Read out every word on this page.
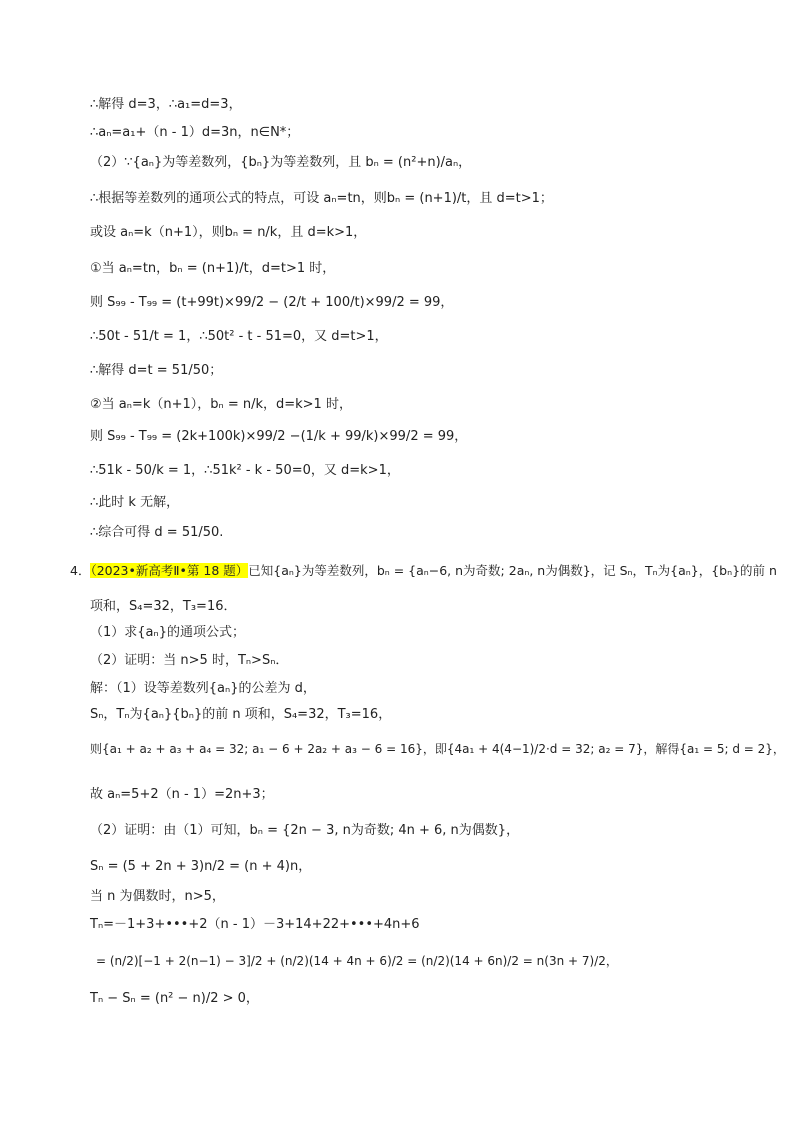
∴解得 d=3，∴a₁=d=3，
∴aₙ=a₁+（n - 1）d=3n，n∈N*；
（2）∵{aₙ}为等差数列，{bₙ}为等差数列，且 bₙ = (n²+n)/aₙ，
∴根据等差数列的通项公式的特点，可设 aₙ=tn，则bₙ = (n+1)/t，且 d=t>1；
或设 aₙ=k（n+1），则bₙ = n/k，且 d=k>1，
①当 aₙ=tn，bₙ = (n+1)/t，d=t>1 时，
则 S₉₉ - T₉₉ = (t+99t)×99/2 − (2/t + 100/t)×99/2 = 99，
∴50t - 51/t = 1，∴50t² - t - 51=0，又 d=t>1，
∴解得 d=t = 51/50；
②当 aₙ=k（n+1），bₙ = n/k，d=k>1 时，
则 S₉₉ - T₉₉ = (2k+100k)×99/2 −(1/k + 99/k)×99/2 = 99，
∴51k - 50/k = 1，∴51k² - k - 50=0，又 d=k>1，
∴此时 k 无解，
∴综合可得 d = 51/50.
4．（2023•新高考Ⅱ•第 18 题）已知{aₙ}为等差数列，bₙ = {aₙ−6, n为奇数; 2aₙ, n为偶数}，记 Sₙ，Tₙ为{aₙ}，{bₙ}的前 n
项和，S₄=32，T₃=16．
（1）求{aₙ}的通项公式；
（2）证明：当 n>5 时，Tₙ>Sₙ．
解：（1）设等差数列{aₙ}的公差为 d，
Sₙ，Tₙ为{aₙ}{bₙ}的前 n 项和，S₄=32，T₃=16，
则{a₁ + a₂ + a₃ + a₄ = 32; a₁ − 6 + 2a₂ + a₃ − 6 = 16}，即{4a₁ + 4(4−1)/2·d = 32; a₂ = 7}，解得{a₁ = 5; d = 2}，
故 aₙ=5+2（n - 1）=2n+3；
（2）证明：由（1）可知，bₙ = {2n − 3, n为奇数; 4n + 6, n为偶数}，
Sₙ = (5 + 2n + 3)n/2 = (n + 4)n，
当 n 为偶数时，n>5，
Tₙ=－1+3+•••+2（n - 1）－3+14+22+•••+4n+6
= (n/2)[−1 + 2(n−1) − 3]/2 + (n/2)(14 + 4n + 6)/2 = (n/2)(14 + 6n)/2 = n(3n + 7)/2，
Tₙ − Sₙ = (n² − n)/2 > 0，
